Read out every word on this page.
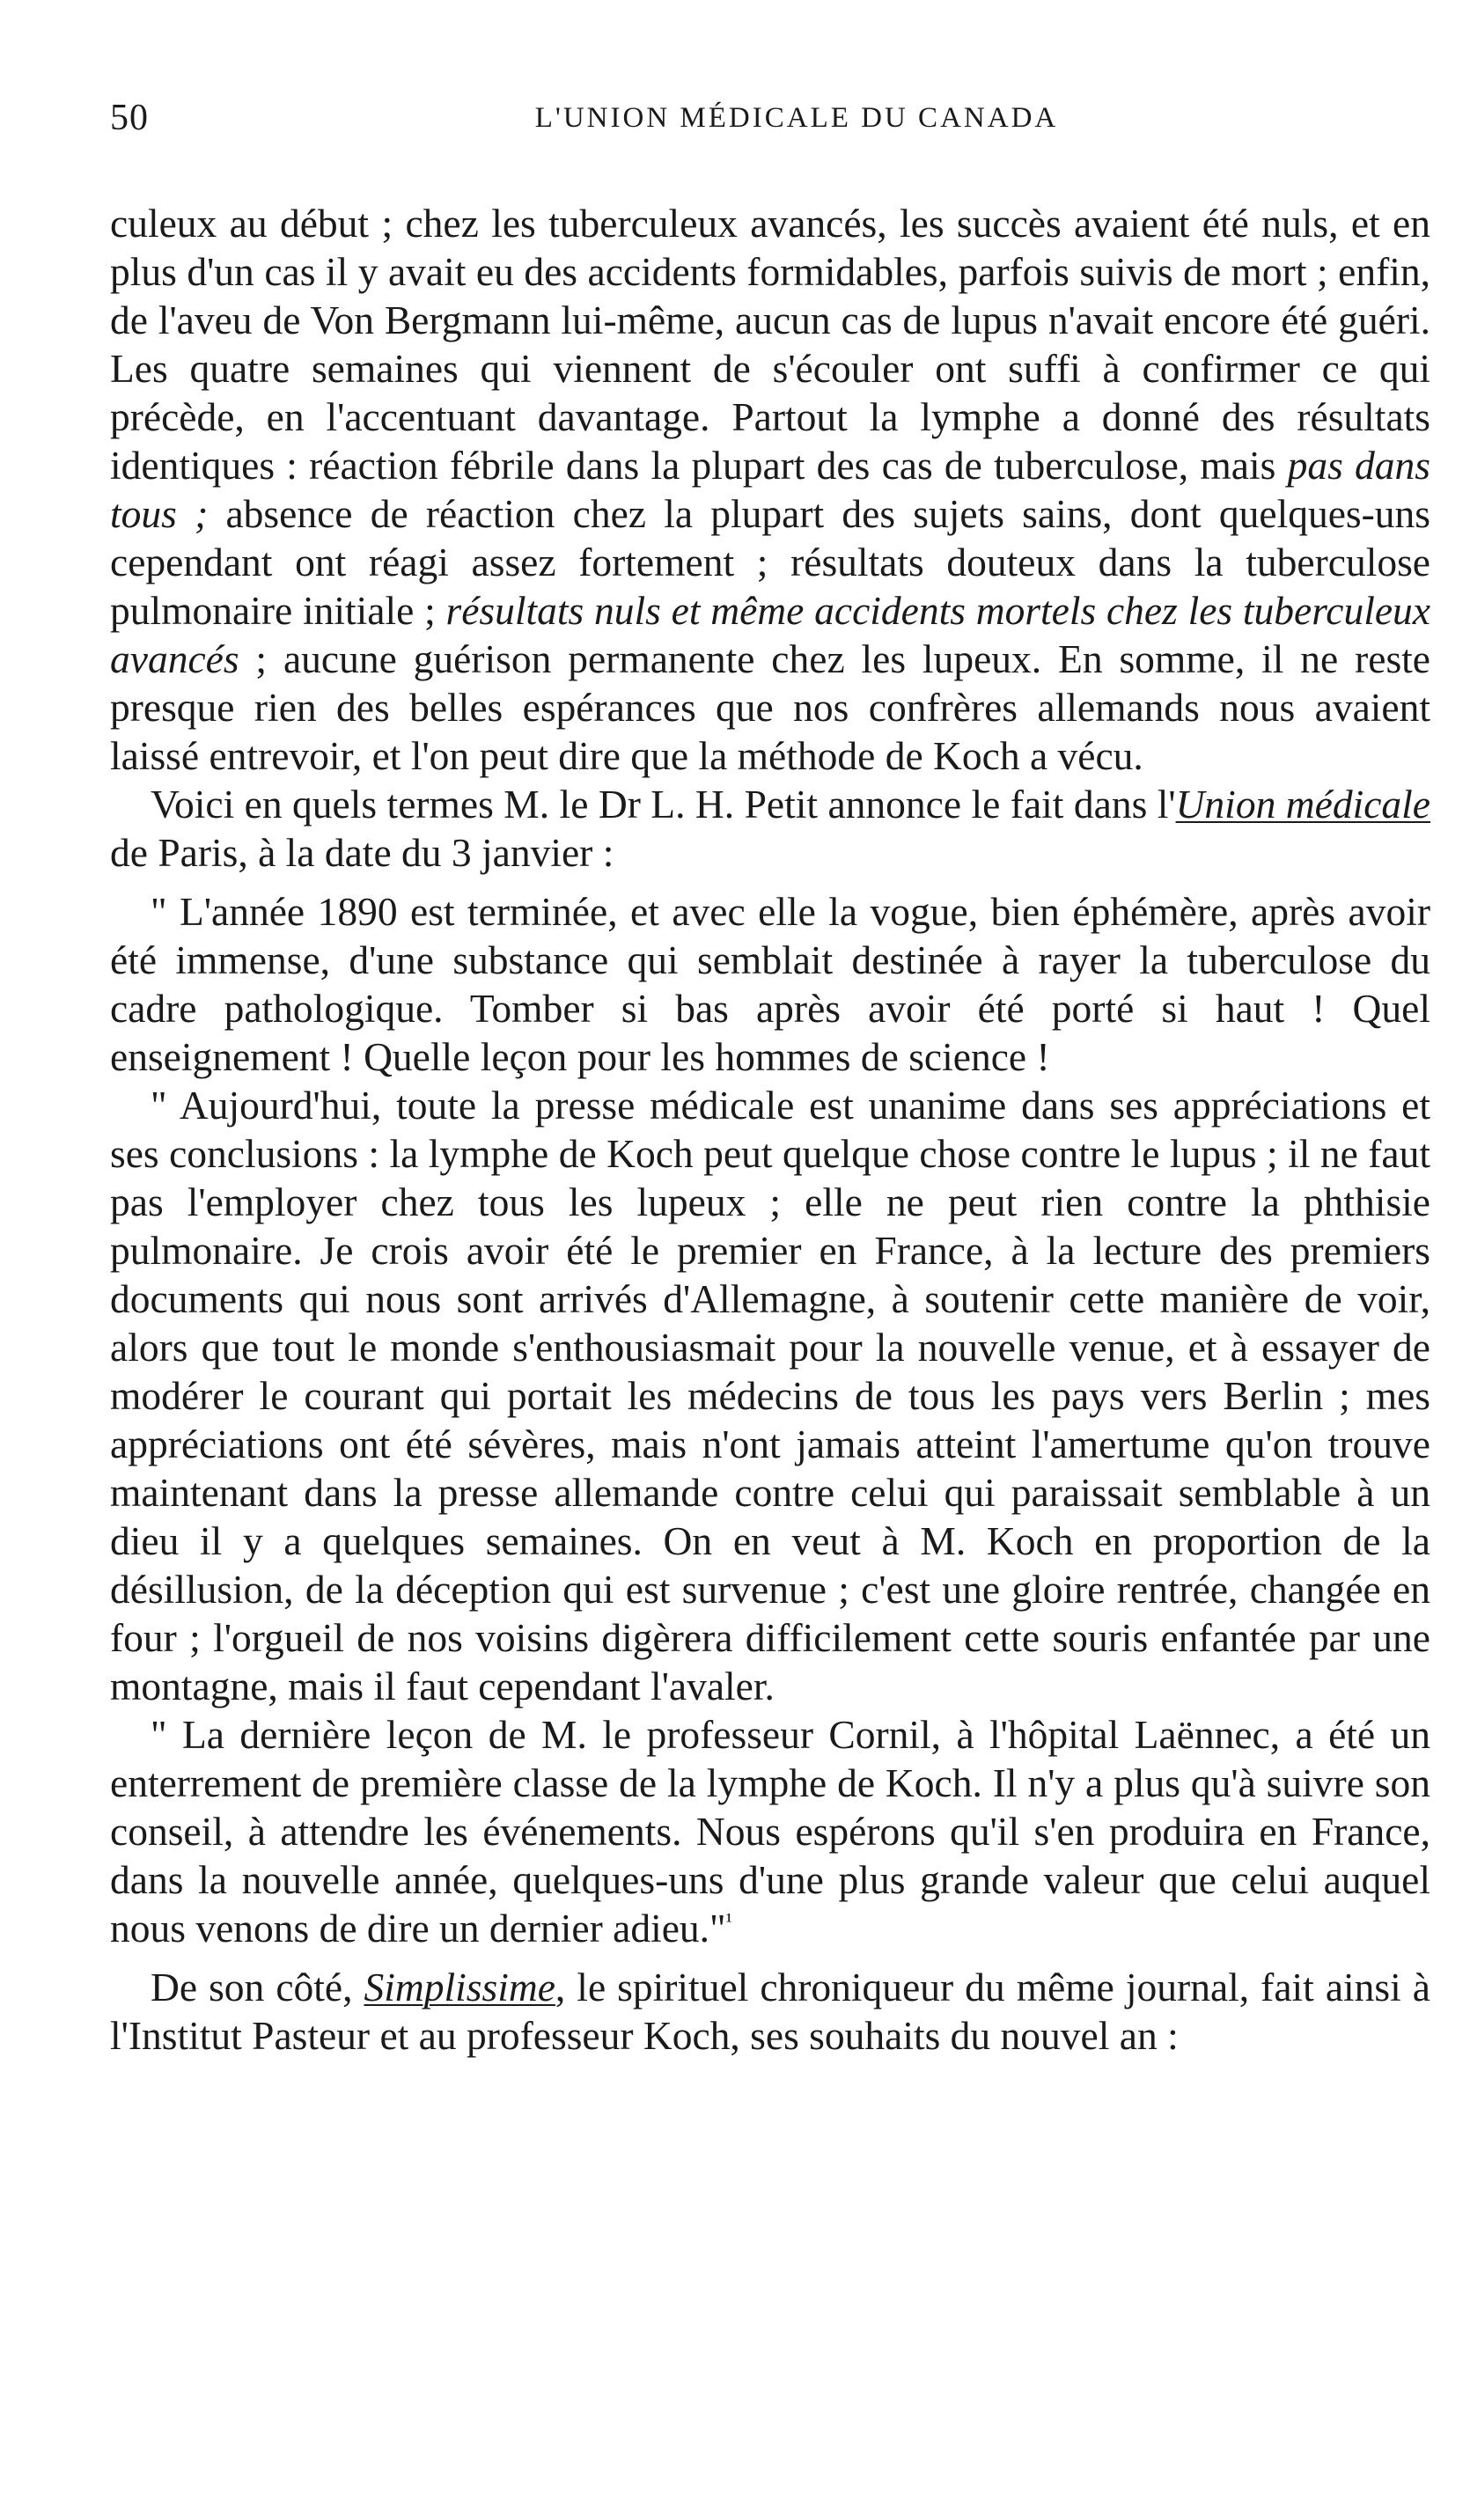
50	L'UNION MÉDICALE DU CANADA

culeux au début ; chez les tuberculeux avancés, les succès avaient été nuls, et en plus d'un cas il y avait eu des accidents formidables, parfois suivis de mort ; enfin, de l'aveu de Von Bergmann lui-même, aucun cas de lupus n'avait encore été guéri. Les quatre semaines qui viennent de s'écouler ont suffi à confirmer ce qui précède, en l'accentuant davantage. Partout la lymphe a donné des résultats identiques : réaction fébrile dans la plupart des cas de tuberculose, mais pas dans tous ; absence de réaction chez la plupart des sujets sains, dont quelques-uns cependant ont réagi assez fortement ; résultats douteux dans la tuberculose pulmonaire initiale ; résultats nuls et même accidents mortels chez les tuberculeux avancés ; aucune guérison permanente chez les lupeux. En somme, il ne reste presque rien des belles espérances que nos confrères allemands nous avaient laissé entrevoir, et l'on peut dire que la méthode de Koch a vécu.

Voici en quels termes M. le Dr L. H. Petit annonce le fait dans l'Union médicale de Paris, à la date du 3 janvier :

" L'année 1890 est terminée, et avec elle la vogue, bien éphémère, après avoir été immense, d'une substance qui semblait destinée à rayer la tuberculose du cadre pathologique. Tomber si bas après avoir été porté si haut ! Quel enseignement ! Quelle leçon pour les hommes de science !

" Aujourd'hui, toute la presse médicale est unanime dans ses appréciations et ses conclusions : la lymphe de Koch peut quelque chose contre le lupus ; il ne faut pas l'employer chez tous les lupeux ; elle ne peut rien contre la phthisie pulmonaire. Je crois avoir été le premier en France, à la lecture des premiers documents qui nous sont arrivés d'Allemagne, à soutenir cette manière de voir, alors que tout le monde s'enthousiasmait pour la nouvelle venue, et à essayer de modérer le courant qui portait les médecins de tous les pays vers Berlin ; mes appréciations ont été sévères, mais n'ont jamais atteint l'amertume qu'on trouve maintenant dans la presse allemande contre celui qui paraissait semblable à un dieu il y a quelques semaines. On en veut à M. Koch en proportion de la désillusion, de la déception qui est survenue ; c'est une gloire rentrée, changée en four ; l'orgueil de nos voisins digèrera difficilement cette souris enfantée par une montagne, mais il faut cependant l'avaler.

" La dernière leçon de M. le professeur Cornil, à l'hôpital Laënnec, a été un enterrement de première classe de la lymphe de Koch. Il n'y a plus qu'à suivre son conseil, à attendre les événements. Nous espérons qu'il s'en produira en France, dans la nouvelle année, quelques-uns d'une plus grande valeur que celui auquel nous venons de dire un dernier adieu."$^{^1}$

De son côté, Simplissime, le spirituel chroniqueur du même journal, fait ainsi à l'Institut Pasteur et au professeur Koch, ses souhaits du nouvel an :
